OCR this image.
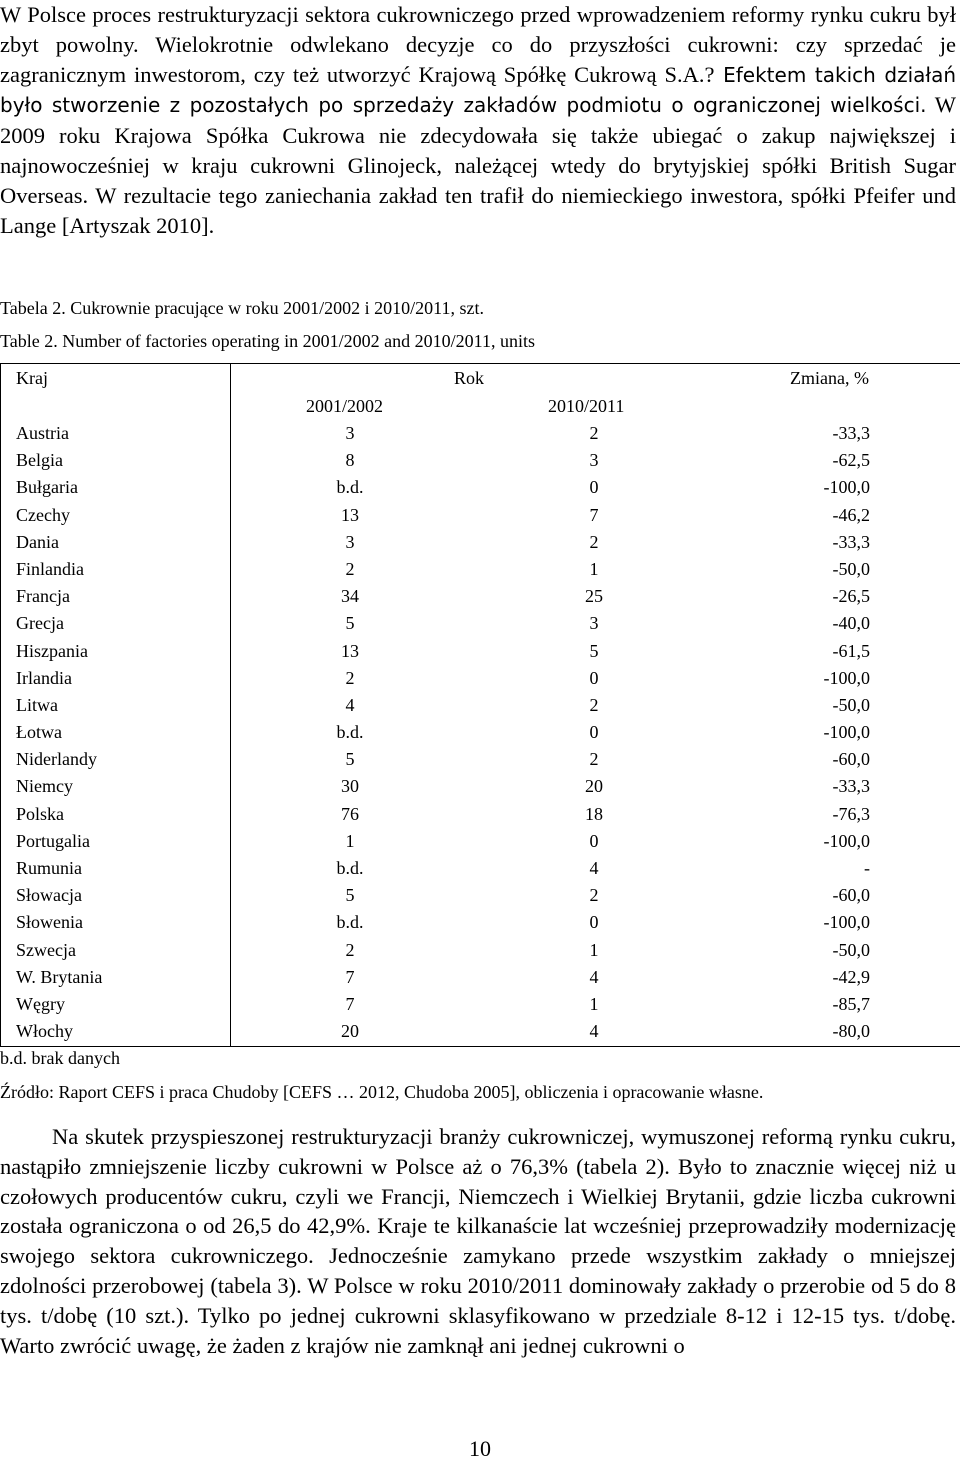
W Polsce proces restrukturyzacji sektora cukrowniczego przed wprowadzeniem reformy rynku cukru był zbyt powolny. Wielokrotnie odwlekano decyzje co do przyszłości cukrowni: czy sprzedać je zagranicznym inwestorom, czy też utworzyć Krajową Spółkę Cukrową S.A.? Efektem takich działań było stworzenie z pozostałych po sprzedaży zakładów podmiotu o ograniczonej wielkości. W 2009 roku Krajowa Spółka Cukrowa nie zdecydowała się także ubiegać o zakup największej i najnowocześniej w kraju cukrowni Glinojeck, należącej wtedy do brytyjskiej spółki British Sugar Overseas. W rezultacie tego zaniechania zakład ten trafił do niemieckiego inwestora, spółki Pfeifer und Lange [Artyszak 2010].

Tabela 2. Cukrownie pracujące w roku 2001/2002 i 2010/2011, szt.
Table 2. Number of factories operating in 2001/2002 and 2010/2011, units
Kraj	Rok	Zmiana, %
2001/2002	2010/2011
Austria	3	2	-33,3
Belgia	8	3	-62,5
Bułgaria	b.d.	0	-100,0
Czechy	13	7	-46,2
Dania	3	2	-33,3
Finlandia	2	1	-50,0
Francja	34	25	-26,5
Grecja	5	3	-40,0
Hiszpania	13	5	-61,5
Irlandia	2	0	-100,0
Litwa	4	2	-50,0
Łotwa	b.d.	0	-100,0
Niderlandy	5	2	-60,0
Niemcy	30	20	-33,3
Polska	76	18	-76,3
Portugalia	1	0	-100,0
Rumunia	b.d.	4	-
Słowacja	5	2	-60,0
Słowenia	b.d.	0	-100,0
Szwecja	2	1	-50,0
W. Brytania	7	4	-42,9
Węgry	7	1	-85,7
Włochy	20	4	-80,0
b.d. brak danych
Źródło: Raport CEFS i praca Chudoby [CEFS … 2012, Chudoba 2005], obliczenia i opracowanie własne.

Na skutek przyspieszonej restrukturyzacji branży cukrowniczej, wymuszonej reformą rynku cukru, nastąpiło zmniejszenie liczby cukrowni w Polsce aż o 76,3% (tabela 2). Było to znacznie więcej niż u czołowych producentów cukru, czyli we Francji, Niemczech i Wielkiej Brytanii, gdzie liczba cukrowni została ograniczona o od 26,5 do 42,9%. Kraje te kilkanaście lat wcześniej przeprowadziły modernizację swojego sektora cukrowniczego. Jednocześnie zamykano przede wszystkim zakłady o mniejszej zdolności przerobowej (tabela 3). W Polsce w roku 2010/2011 dominowały zakłady o przerobie od 5 do 8 tys. t/dobę (10 szt.). Tylko po jednej cukrowni sklasyfikowano w przedziale 8-12 i 12-15 tys. t/dobę. Warto zwrócić uwagę, że żaden z krajów nie zamknął ani jednej cukrowni o

10
